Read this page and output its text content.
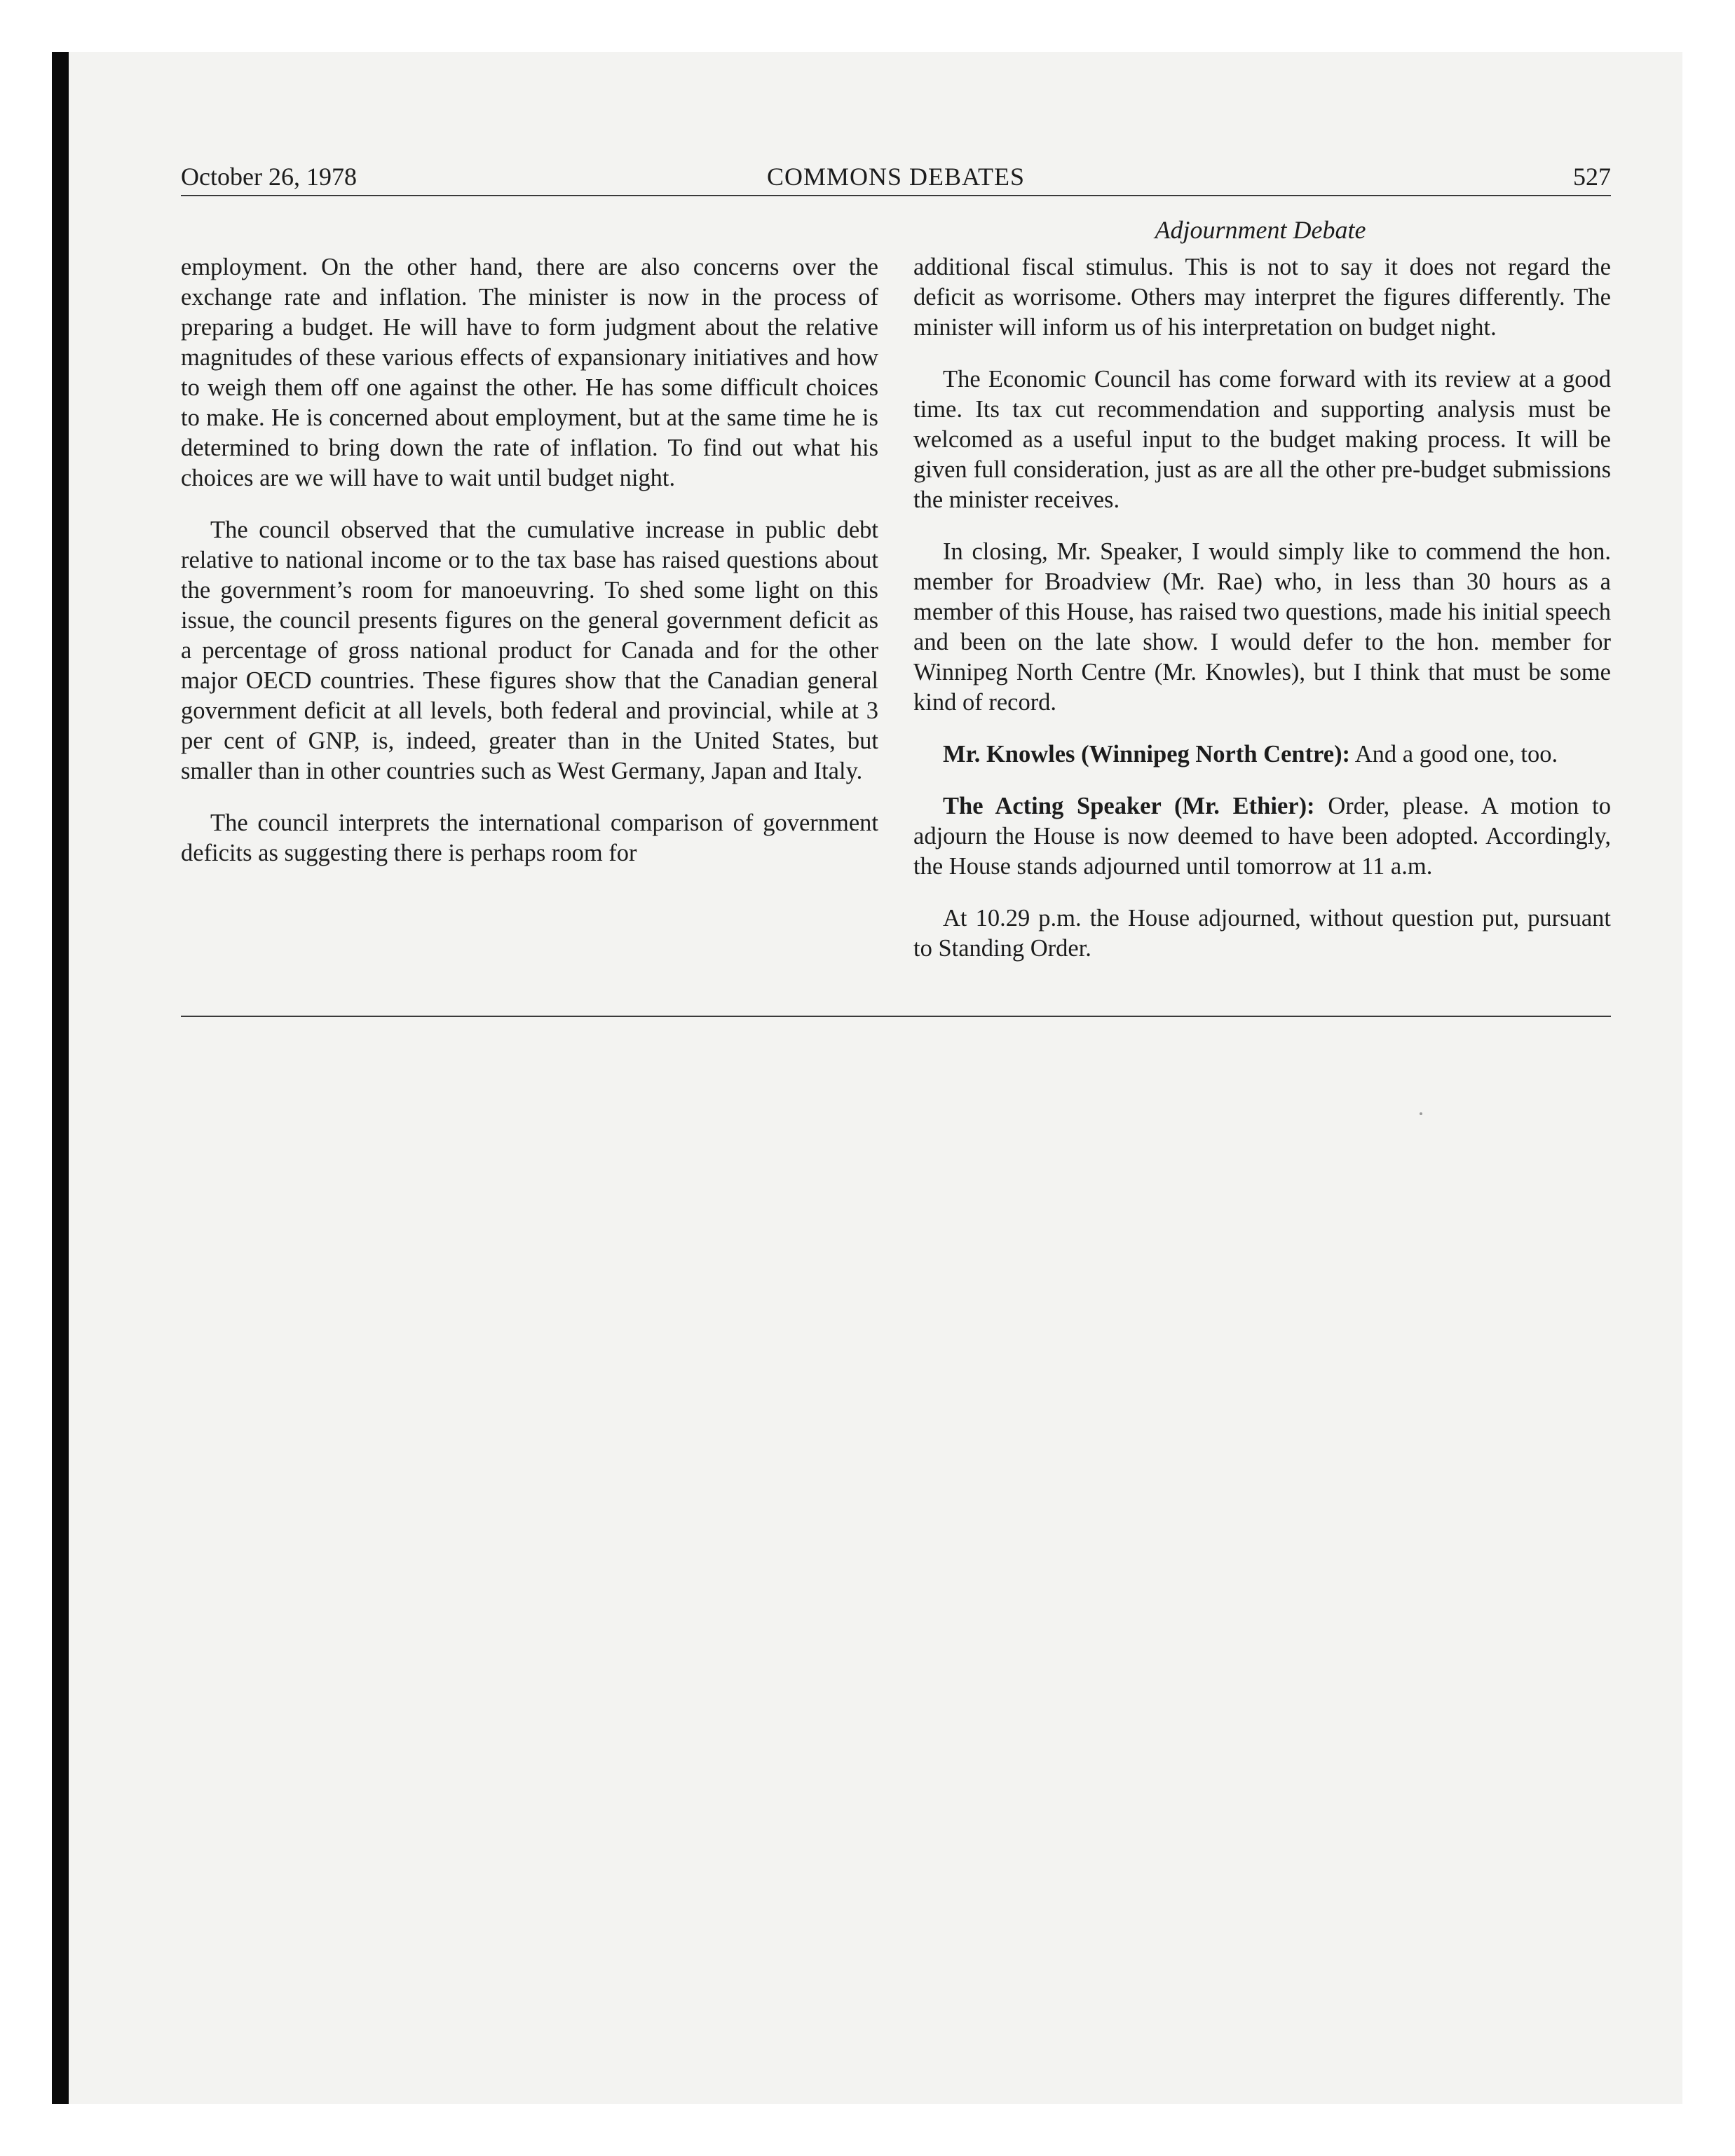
October 26, 1978	COMMONS DEBATES	527
Adjournment Debate

employment. On the other hand, there are also concerns over the exchange rate and inflation. The minister is now in the process of preparing a budget. He will have to form judgment about the relative magnitudes of these various effects of expansionary initiatives and how to weigh them off one against the other. He has some difficult choices to make. He is concerned about employment, but at the same time he is determined to bring down the rate of inflation. To find out what his choices are we will have to wait until budget night.

The council observed that the cumulative increase in public debt relative to national income or to the tax base has raised questions about the government’s room for manoeuvring. To shed some light on this issue, the council presents figures on the general government deficit as a percentage of gross national product for Canada and for the other major OECD countries. These figures show that the Canadian general government deficit at all levels, both federal and provincial, while at 3 per cent of GNP, is, indeed, greater than in the United States, but smaller than in other countries such as West Germany, Japan and Italy.

The council interprets the international comparison of government deficits as suggesting there is perhaps room for

additional fiscal stimulus. This is not to say it does not regard the deficit as worrisome. Others may interpret the figures differently. The minister will inform us of his interpretation on budget night.

The Economic Council has come forward with its review at a good time. Its tax cut recommendation and supporting analysis must be welcomed as a useful input to the budget making process. It will be given full consideration, just as are all the other pre-budget submissions the minister receives.

In closing, Mr. Speaker, I would simply like to commend the hon. member for Broadview (Mr. Rae) who, in less than 30 hours as a member of this House, has raised two questions, made his initial speech and been on the late show. I would defer to the hon. member for Winnipeg North Centre (Mr. Knowles), but I think that must be some kind of record.

Mr. Knowles (Winnipeg North Centre): And a good one, too.

The Acting Speaker (Mr. Ethier): Order, please. A motion to adjourn the House is now deemed to have been adopted. Accordingly, the House stands adjourned until tomorrow at 11 a.m.

At 10.29 p.m. the House adjourned, without question put, pursuant to Standing Order.
